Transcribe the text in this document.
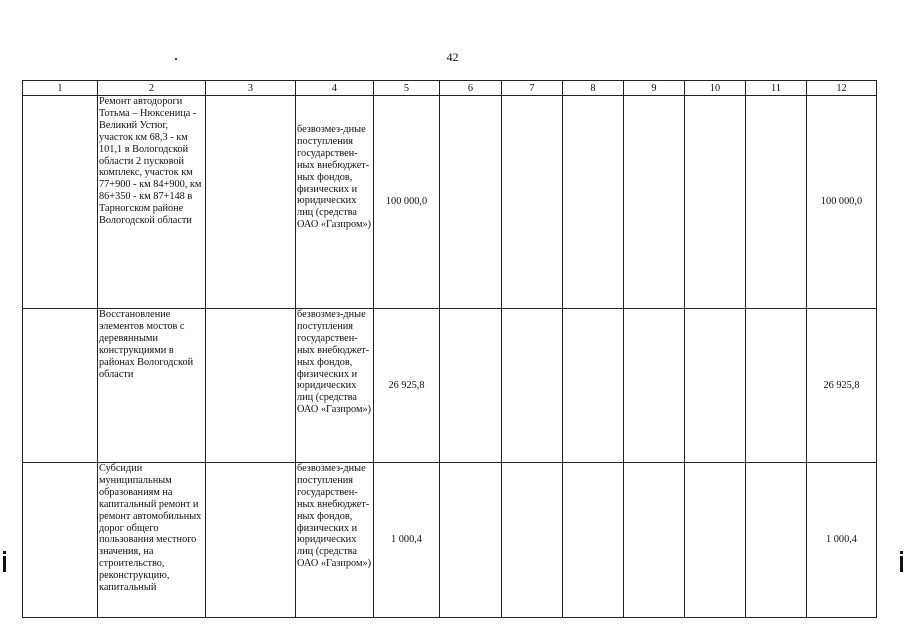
42
1	2	3	4	5	6	7	8	9	10	11	12
	Ремонт автодороги Тотьма – Нюксеница - Великий Устюг, участок км 68,3 - км 101,1 в Вологодской области 2 пусковой комплекс, участок км 77+900 - км 84+900, км 86+350 - км 87+148 в Тарногском районе Вологодской области		безвозмез-дные поступления государствен-ных внебюджет-ных фондов, физических и юридических лиц (средства ОАО «Газпром»)	100 000,0							100 000,0
	Восстановление элементов мостов с деревянными конструкциями в районах Вологодской области		безвозмез-дные поступления государствен-ных внебюджет-ных фондов, физических и юридических лиц (средства ОАО «Газпром»)	26 925,8							26 925,8
	Субсидии муниципальным образованиям на капитальный ремонт и ремонт автомобильных дорог общего пользования местного значения, на строительство, реконструкцию, капитальный		безвозмез-дные поступления государствен-ных внебюджет-ных фондов, физических и юридических лиц (средства ОАО «Газпром»)	1 000,4							1 000,4
